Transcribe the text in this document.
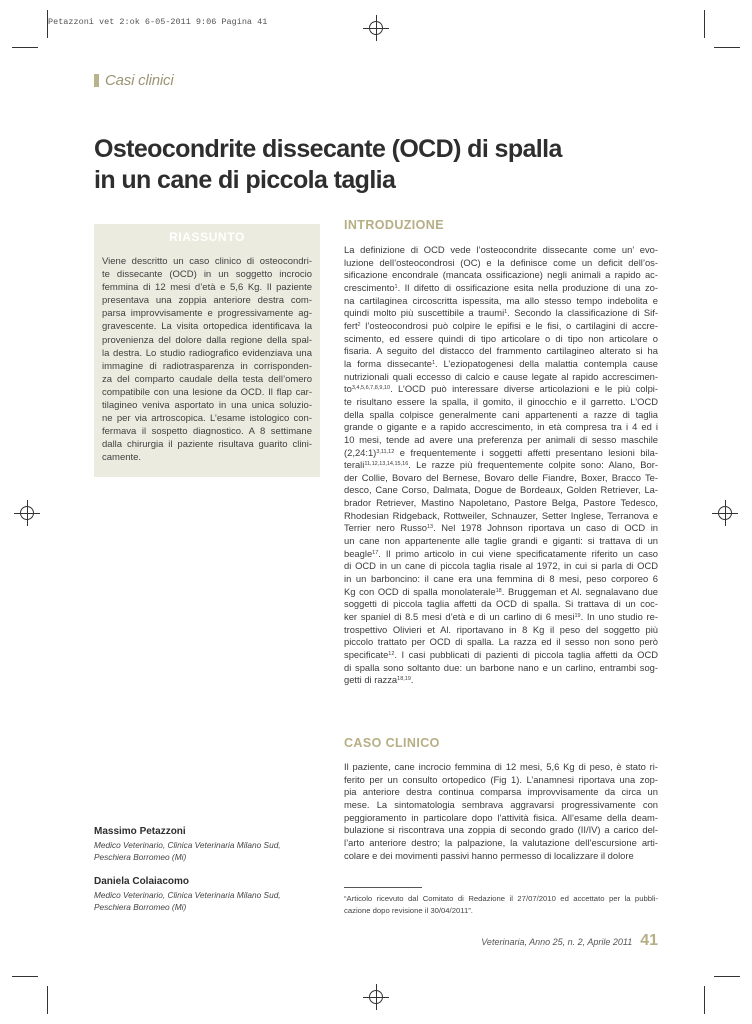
Petazzoni vet 2:ok 6-05-2011 9:06 Pagina 41
Casi clinici
Osteocondrite dissecante (OCD) di spalla
in un cane di piccola taglia
RIASSUNTO
Viene descritto un caso clinico di osteocondri-
te dissecante (OCD) in un soggetto incrocio
femmina di 12 mesi d’età e 5,6 Kg. Il paziente
presentava una zoppia anteriore destra com-
parsa improvvisamente e progressivamente ag-
gravescente. La visita ortopedica identificava la
provenienza del dolore dalla regione della spal-
la destra. Lo studio radiografico evidenziava una
immagine di radiotrasparenza in corrisponden-
za del comparto caudale della testa dell’omero
compatibile con una lesione da OCD. Il flap car-
tilagineo veniva asportato in una unica soluzio-
ne per via artroscopica. L’esame istologico con-
fermava il sospetto diagnostico. A 8 settimane
dalla chirurgia il paziente risultava guarito clini-
camente.
Massimo Petazzoni
Medico Veterinario, Clinica Veterinaria Milano Sud,
Peschiera Borromeo (Mi)
Daniela Colaiacomo
Medico Veterinario, Clinica Veterinaria Milano Sud,
Peschiera Borromeo (Mi)
INTRODUZIONE
La definizione di OCD vede l’osteocondrite dissecante come un’ evo-
luzione dell’osteocondrosi (OC) e la definisce come un deficit dell’os-
sificazione encondrale (mancata ossificazione) negli animali a rapido ac-
crescimento$^1$. Il difetto di ossificazione esita nella produzione di una zo-
na cartilaginea circoscritta ispessita, ma allo stesso tempo indebolita e
quindi molto più suscettibile a traumi$^1$. Secondo la classificazione di Sif-
fert$^2$ l’osteocondrosi può colpire le epifisi e le fisi, o cartilagini di accre-
scimento, ed essere quindi di tipo articolare o di tipo non articolare o
fisaria. A seguito del distacco del frammento cartilagineo alterato si ha
la forma dissecante$^1$. L’eziopatogenesi della malattia contempla cause
nutrizionali quali eccesso di calcio e cause legate al rapido accrescimen-
to$^{3,4,5,6,7,8,9,10}$. L’OCD può interessare diverse articolazioni e le più colpi-
te risultano essere la spalla, il gomito, il ginocchio e il garretto. L’OCD
della spalla colpisce generalmente cani appartenenti a razze di taglia
grande o gigante e a rapido accrescimento, in età compresa tra i 4 ed i
10 mesi, tende ad avere una preferenza per animali di sesso maschile
(2,24:1)$^{3,11,12}$ e frequentemente i soggetti affetti presentano lesioni bila-
terali$^{11,12,13,14,15,16}$. Le razze più frequentemente colpite sono: Alano, Bor-
der Collie, Bovaro del Bernese, Bovaro delle Fiandre, Boxer, Bracco Te-
desco, Cane Corso, Dalmata, Dogue de Bordeaux, Golden Retriever, La-
brador Retriever, Mastino Napoletano, Pastore Belga, Pastore Tedesco,
Rhodesian Ridgeback, Rottweiler, Schnauzer, Setter Inglese, Terranova e
Terrier nero Russo$^{13}$. Nel 1978 Johnson riportava un caso di OCD in
un cane non appartenente alle taglie grandi e giganti: si trattava di un
beagle$^{17}$. Il primo articolo in cui viene specificatamente riferito un caso
di OCD in un cane di piccola taglia risale al 1972, in cui si parla di OCD
in un barboncino: il cane era una femmina di 8 mesi, peso corporeo 6
Kg con OCD di spalla monolaterale$^{18}$. Bruggeman et Al. segnalavano due
soggetti di piccola taglia affetti da OCD di spalla. Si trattava di un coc-
ker spaniel di 8.5 mesi d’età e di un carlino di 6 mesi$^{19}$. In uno studio re-
trospettivo Olivieri et Al. riportavano in 8 Kg il peso del soggetto più
piccolo trattato per OCD di spalla. La razza ed il sesso non sono però
specificate$^{12}$. I casi pubblicati di pazienti di piccola taglia affetti da OCD
di spalla sono soltanto due: un barbone nano e un carlino, entrambi sog-
getti di razza$^{18,19}$.
CASO CLINICO
Il paziente, cane incrocio femmina di 12 mesi, 5,6 Kg di peso, è stato ri-
ferito per un consulto ortopedico (Fig 1). L’anamnesi riportava una zop-
pia anteriore destra continua comparsa improvvisamente da circa un
mese. La sintomatologia sembrava aggravarsi progressivamente con
peggioramento in particolare dopo l’attività fisica. All’esame della deam-
bulazione si riscontrava una zoppia di secondo grado (II/IV) a carico del-
l’arto anteriore destro; la palpazione, la valutazione dell’escursione arti-
colare e dei movimenti passivi hanno permesso di localizzare il dolore
“Articolo ricevuto dal Comitato di Redazione il 27/07/2010 ed accettato per la pubbli-
cazione dopo revisione il 30/04/2011”.
Veterinaria, Anno 25, n. 2, Aprile 2011 41
